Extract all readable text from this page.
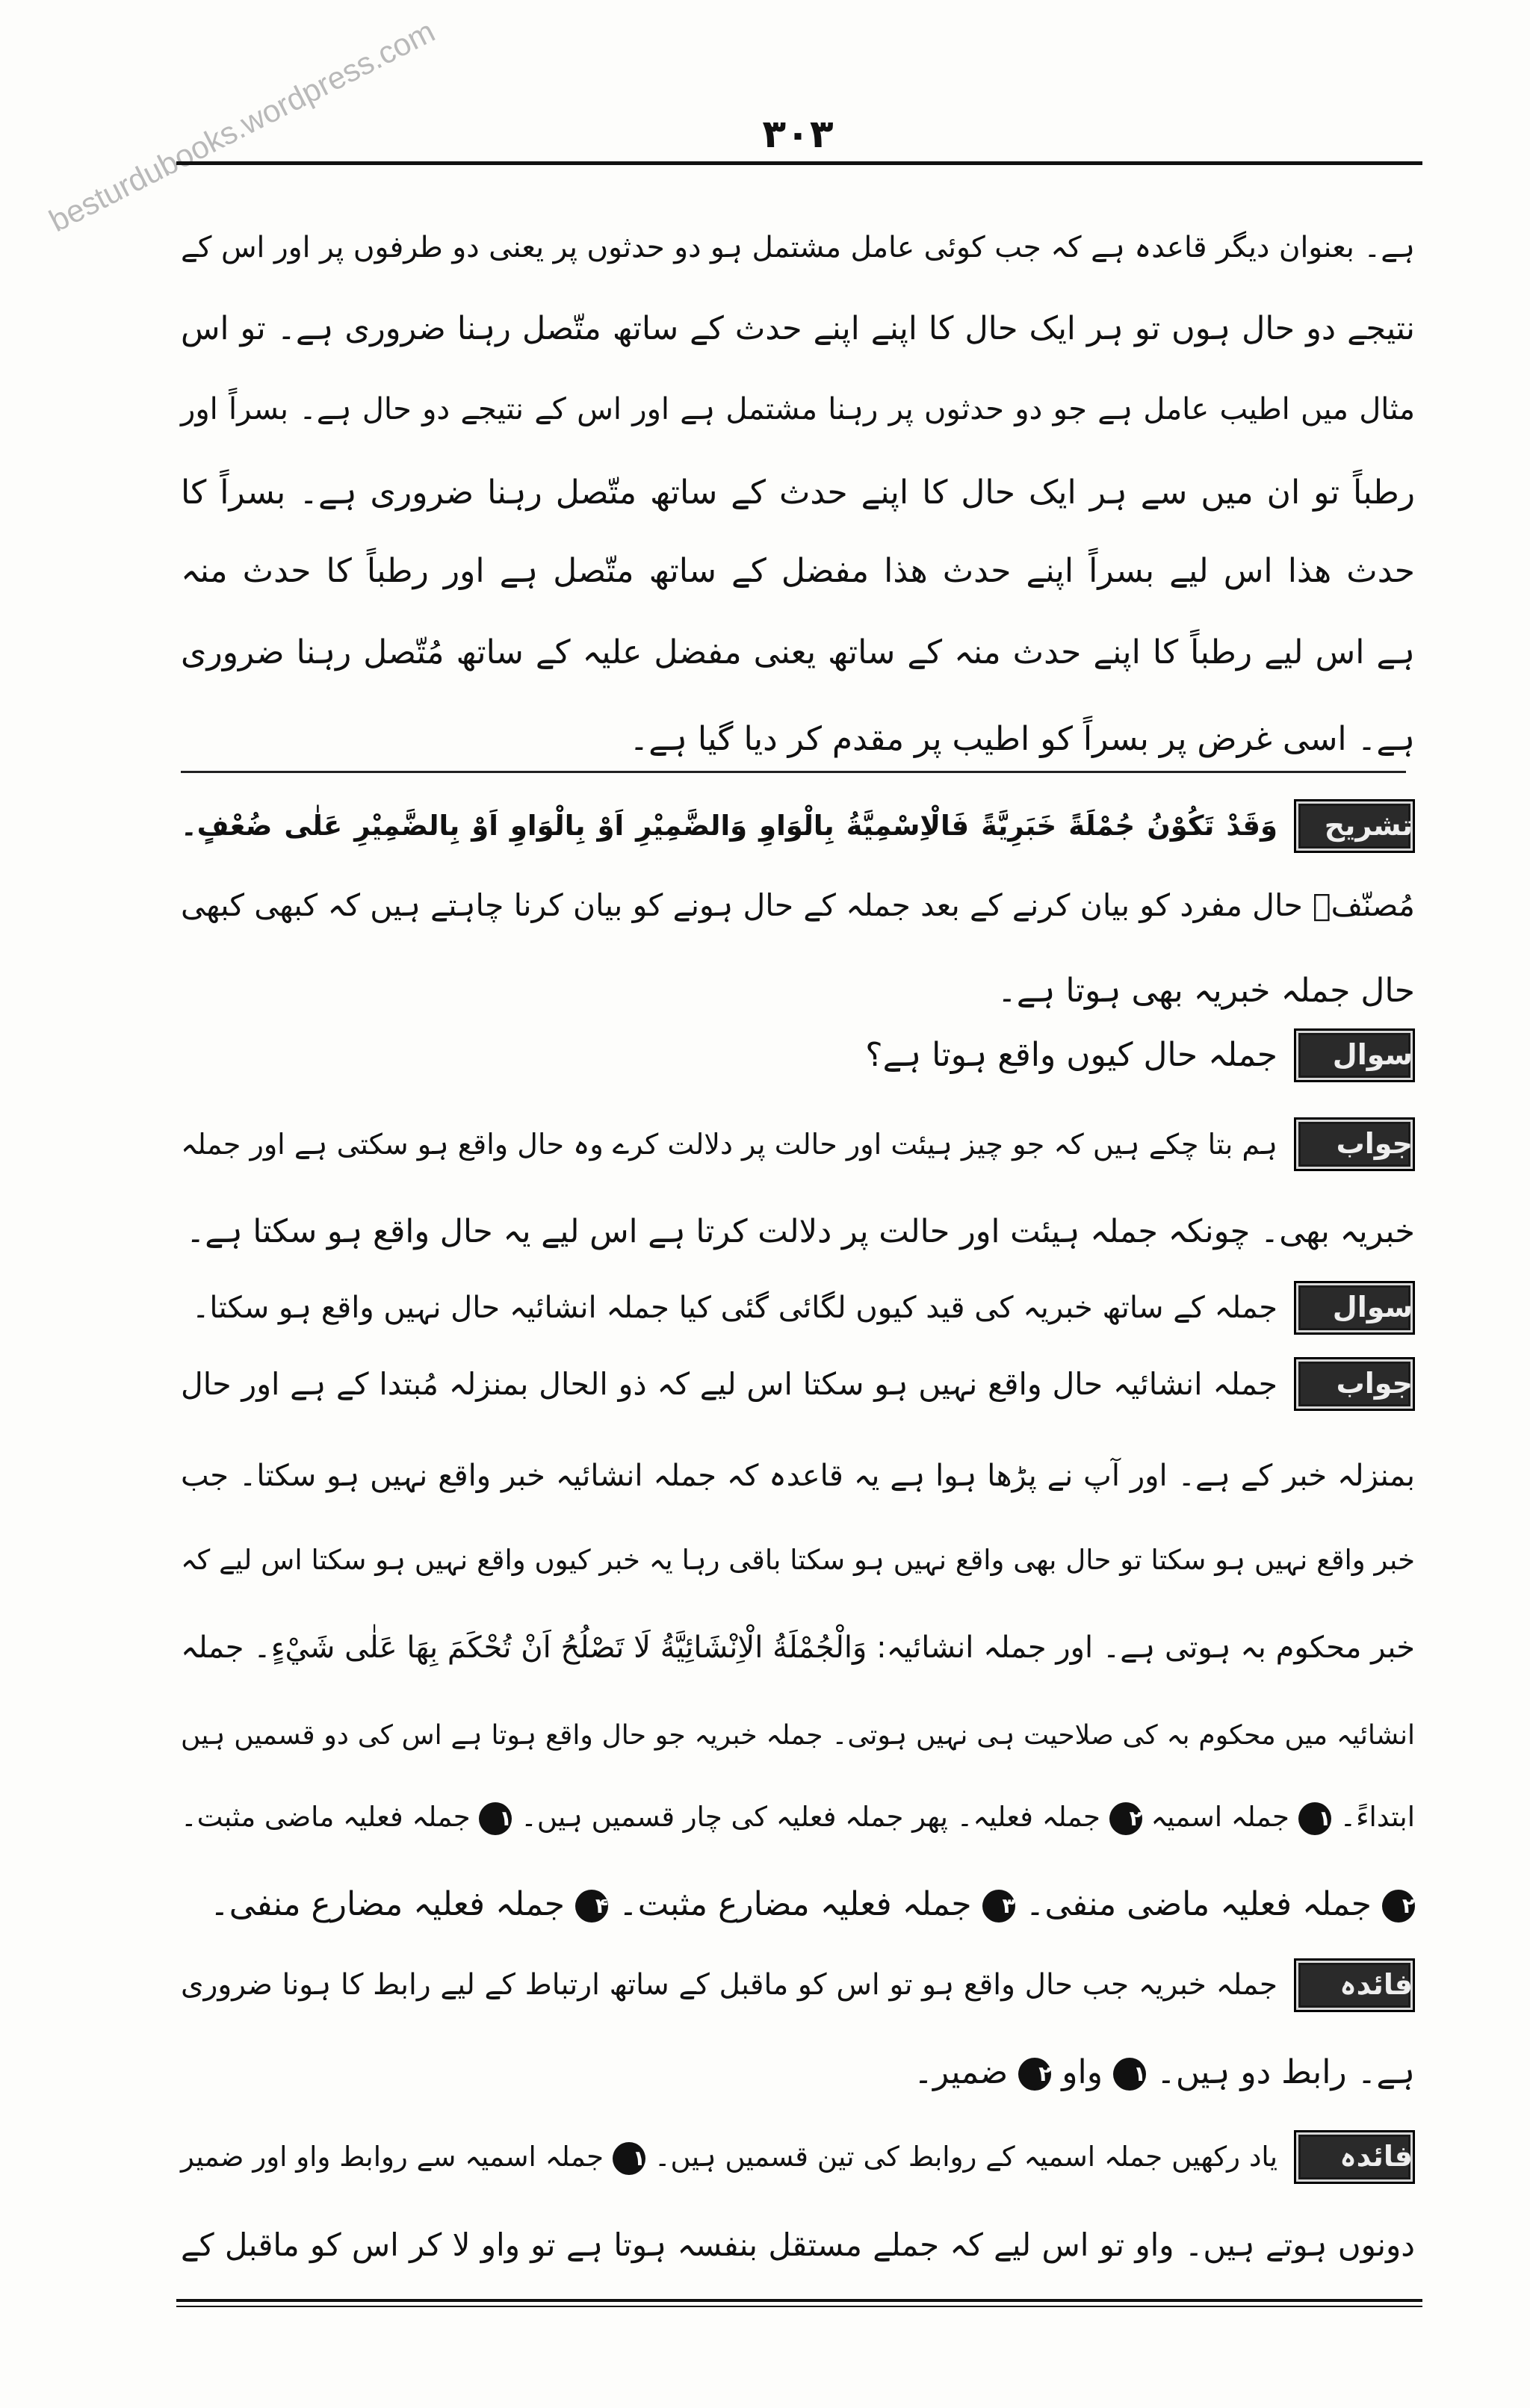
besturdubooks.wordpress.com	۳۰۳
ہے۔ بعنوان دیگر قاعدہ ہے کہ جب کوئی عامل مشتمل ہو دو حدثوں پر یعنی دو طرفوں پر اور اس کے
نتیجے دو حال ہوں تو ہر ایک حال کا اپنے اپنے حدث کے ساتھ متّصل رہنا ضروری ہے۔ تو اس
مثال میں اطیب عامل ہے جو دو حدثوں پر رہنا مشتمل ہے اور اس کے نتیجے دو حال ہے۔ بسراً اور
رطباً تو ان میں سے ہر ایک حال کا اپنے حدث کے ساتھ متّصل رہنا ضروری ہے۔ بسراً کا
حدث ھذا اس لیے بسراً اپنے حدث ھذا مفضل کے ساتھ متّصل ہے اور رطباً کا حدث منہ
ہے اس لیے رطباً کا اپنے حدث منہ کے ساتھ یعنی مفضل علیہ کے ساتھ مُتّصل رہنا ضروری
ہے۔ اسی غرض پر بسراً کو اطیب پر مقدم کر دیا گیا ہے۔
تشریح
وَقَدْ تَكُوْنُ جُمْلَةً خَبَرِيَّةً فَالْاِسْمِيَّةُ بِالْوَاوِ وَالضَّمِيْرِ اَوْ بِالْوَاوِ اَوْ بِالضَّمِيْرِ عَلٰى ضُعْفٍ۔
مُصنّفؒ حال مفرد کو بیان کرنے کے بعد جملہ کے حال ہونے کو بیان کرنا چاہتے ہیں کہ کبھی کبھی
حال جملہ خبریہ بھی ہوتا ہے۔
سوال
جملہ حال کیوں واقع ہوتا ہے؟
جواب
ہم بتا چکے ہیں کہ جو چیز ہیئت اور حالت پر دلالت کرے وہ حال واقع ہو سکتی ہے اور جملہ
خبریہ بھی۔ چونکہ جملہ ہیئت اور حالت پر دلالت کرتا ہے اس لیے یہ حال واقع ہو سکتا ہے۔
سوال
جملہ کے ساتھ خبریہ کی قید کیوں لگائی گئی کیا جملہ انشائیہ حال نہیں واقع ہو سکتا۔
جواب
جملہ انشائیہ حال واقع نہیں ہو سکتا اس لیے کہ ذو الحال بمنزلہ مُبتدا کے ہے اور حال
بمنزلہ خبر کے ہے۔ اور آپ نے پڑھا ہوا ہے یہ قاعدہ کہ جملہ انشائیہ خبر واقع نہیں ہو سکتا۔ جب
خبر واقع نہیں ہو سکتا تو حال بھی واقع نہیں ہو سکتا باقی رہا یہ خبر کیوں واقع نہیں ہو سکتا اس لیے کہ
خبر محکوم بہ ہوتی ہے۔ اور جملہ انشائیہ: وَالْجُمْلَةُ الْاِنْشَائِيَّةُ لَا تَصْلُحُ اَنْ تُحْكَمَ بِهَا عَلٰى شَيْءٍ۔ جملہ
انشائیہ میں محکوم بہ کی صلاحیت ہی نہیں ہوتی۔ جملہ خبریہ جو حال واقع ہوتا ہے اس کی دو قسمیں ہیں
ابتداءً۔ ۱ جملہ اسمیہ ۲ جملہ فعلیہ۔ پھر جملہ فعلیہ کی چار قسمیں ہیں۔ ۱ جملہ فعلیہ ماضی مثبت۔
۲ جملہ فعلیہ ماضی منفی۔ ۳ جملہ فعلیہ مضارع مثبت۔ ۴ جملہ فعلیہ مضارع منفی۔
فائدہ
جملہ خبریہ جب حال واقع ہو تو اس کو ماقبل کے ساتھ ارتباط کے لیے رابط کا ہونا ضروری
ہے۔ رابط دو ہیں۔ ۱ واو ۲ ضمیر۔
فائدہ
یاد رکھیں جملہ اسمیہ کے روابط کی تین قسمیں ہیں۔ ۱ جملہ اسمیہ سے روابط واو اور ضمیر
دونوں ہوتے ہیں۔ واو تو اس لیے کہ جملے مستقل بنفسہ ہوتا ہے تو واو لا کر اس کو ماقبل کے
